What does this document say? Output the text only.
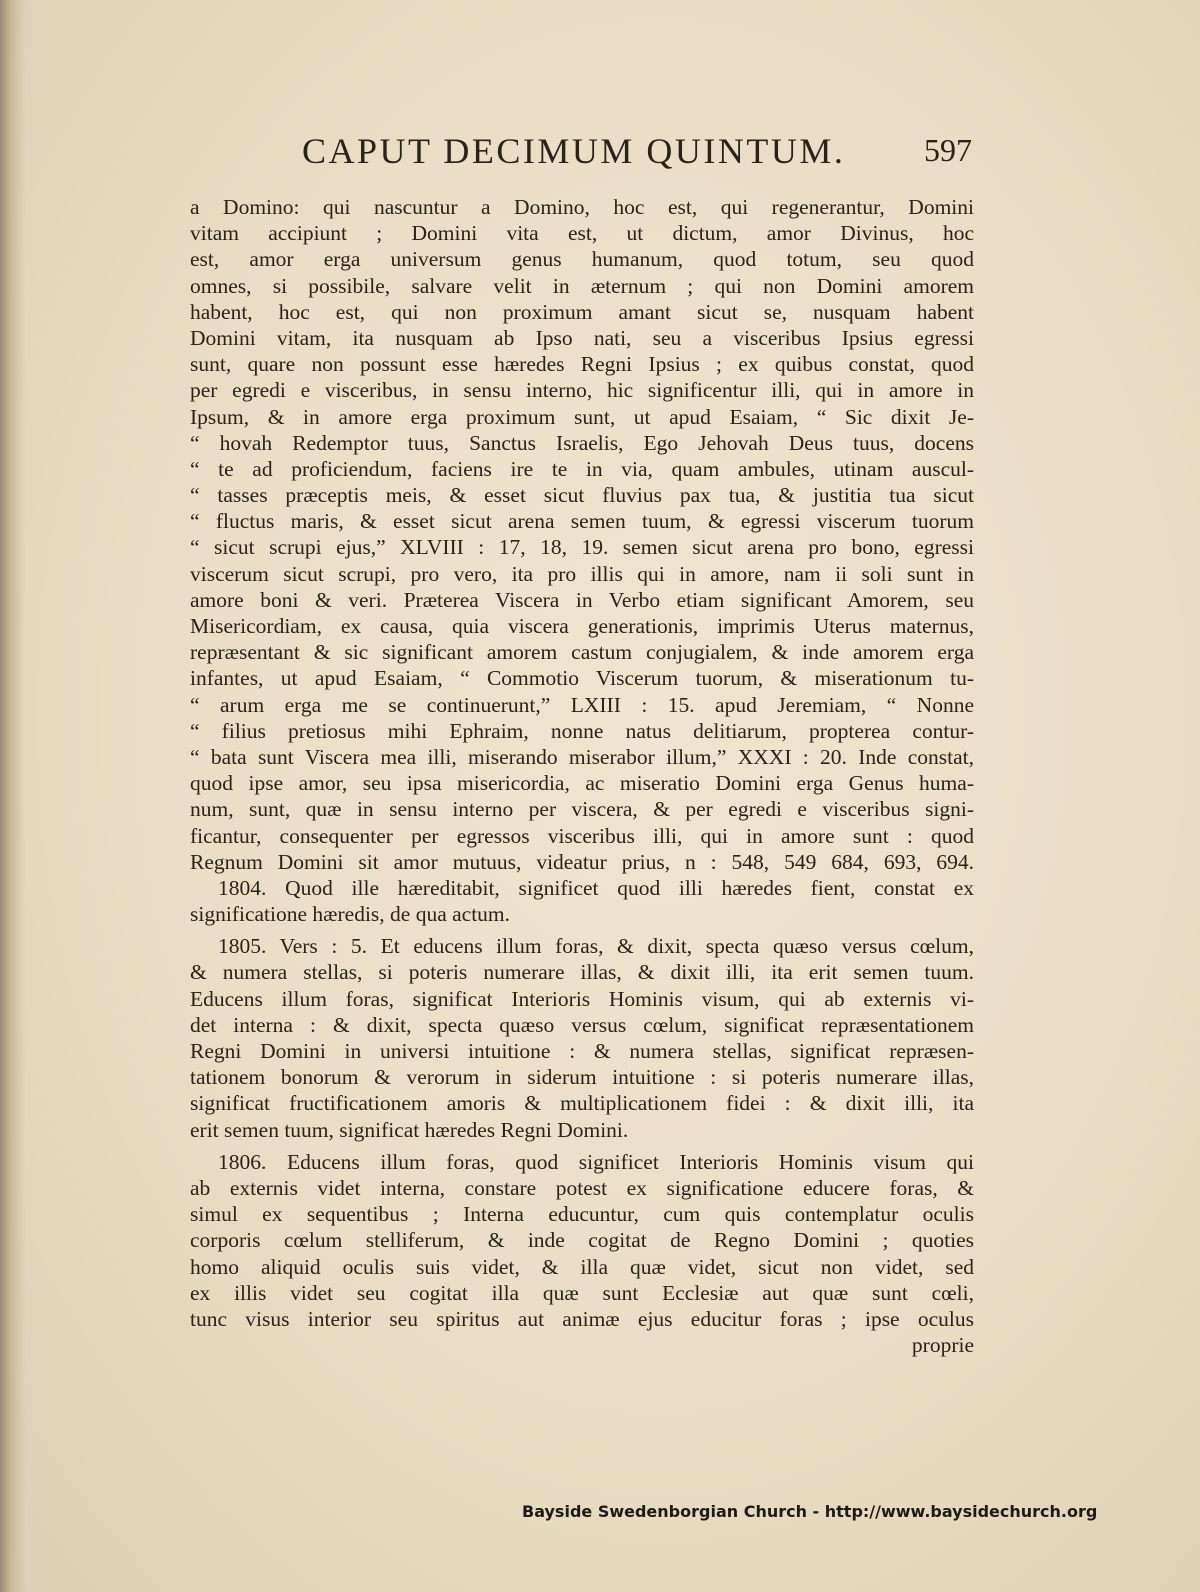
CAPUT DECIMUM QUINTUM. 597

a Domino: qui nascuntur a Domino, hoc est, qui regenerantur, Domini
vitam accipiunt ; Domini vita est, ut dictum, amor Divinus, hoc
est, amor erga universum genus humanum, quod totum, seu quod
omnes, si possibile, salvare velit in æternum ; qui non Domini amorem
habent, hoc est, qui non proximum amant sicut se, nusquam habent
Domini vitam, ita nusquam ab Ipso nati, seu a visceribus Ipsius egressi
sunt, quare non possunt esse hæredes Regni Ipsius ; ex quibus constat, quod
per egredi e visceribus, in sensu interno, hic significentur illi, qui in amore in
Ipsum, & in amore erga proximum sunt, ut apud Esaiam, “ Sic dixit Je-
“ hovah Redemptor tuus, Sanctus Israelis, Ego Jehovah Deus tuus, docens
“ te ad proficiendum, faciens ire te in via, quam ambules, utinam auscul-
“ tasses præceptis meis, & esset sicut fluvius pax tua, & justitia tua sicut
“ fluctus maris, & esset sicut arena semen tuum, & egressi viscerum tuorum
“ sicut scrupi ejus,” XLVIII : 17, 18, 19. semen sicut arena pro bono, egressi
viscerum sicut scrupi, pro vero, ita pro illis qui in amore, nam ii soli sunt in
amore boni & veri. Præterea Viscera in Verbo etiam significant Amorem, seu
Misericordiam, ex causa, quia viscera generationis, imprimis Uterus maternus,
repræsentant & sic significant amorem castum conjugialem, & inde amorem erga
infantes, ut apud Esaiam, “ Commotio Viscerum tuorum, & miserationum tu-
“ arum erga me se continuerunt,” LXIII : 15. apud Jeremiam, “ Nonne
“ filius pretiosus mihi Ephraim, nonne natus delitiarum, propterea contur-
“ bata sunt Viscera mea illi, miserando miserabor illum,” XXXI : 20. Inde constat,
quod ipse amor, seu ipsa misericordia, ac miseratio Domini erga Genus huma-
num, sunt, quæ in sensu interno per viscera, & per egredi e visceribus signi-
ficantur, consequenter per egressos visceribus illi, qui in amore sunt : quod
Regnum Domini sit amor mutuus, videatur prius, n : 548, 549 684, 693, 694.

1804. Quod ille hæreditabit, significet quod illi hæredes fient, constat ex
significatione hæredis, de qua actum.

1805. Vers : 5. Et educens illum foras, & dixit, specta quæso versus cœlum,
& numera stellas, si poteris numerare illas, & dixit illi, ita erit semen tuum.
Educens illum foras, significat Interioris Hominis visum, qui ab externis vi-
det interna : & dixit, specta quæso versus cœlum, significat repræsentationem
Regni Domini in universi intuitione : & numera stellas, significat repræsen-
tationem bonorum & verorum in siderum intuitione : si poteris numerare illas,
significat fructificationem amoris & multiplicationem fidei : & dixit illi, ita
erit semen tuum, significat hæredes Regni Domini.

1806. Educens illum foras, quod significet Interioris Hominis visum qui
ab externis videt interna, constare potest ex significatione educere foras, &
simul ex sequentibus ; Interna educuntur, cum quis contemplatur oculis
corporis cœlum stelliferum, & inde cogitat de Regno Domini ; quoties
homo aliquid oculis suis videt, & illa quæ videt, sicut non videt, sed
ex illis videt seu cogitat illa quæ sunt Ecclesiæ aut quæ sunt cœli,
tunc visus interior seu spiritus aut animæ ejus educitur foras ; ipse oculus
proprie

Bayside Swedenborgian Church - http://www.baysidechurch.org
